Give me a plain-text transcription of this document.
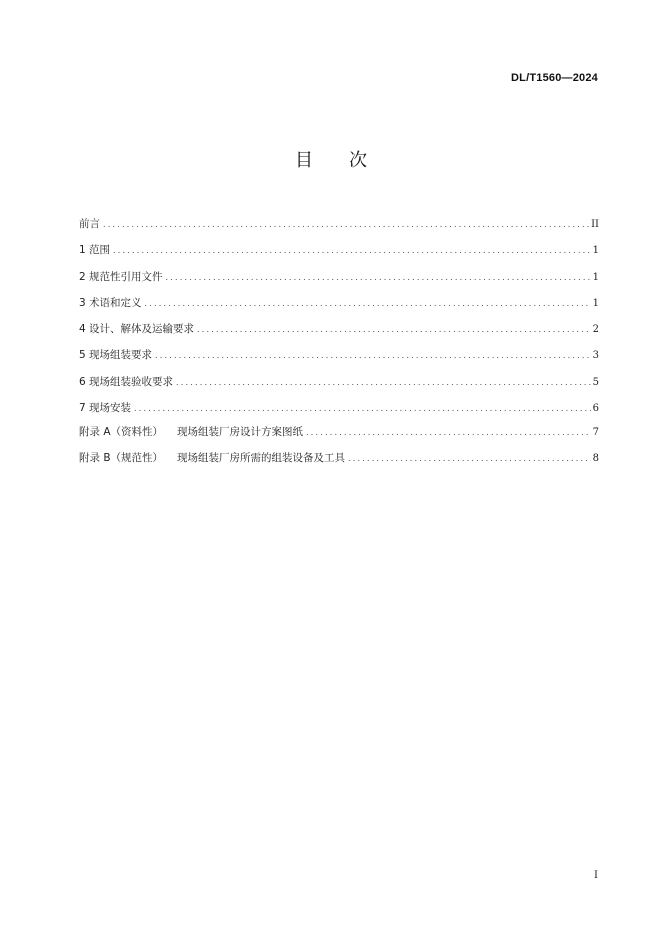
DL/T1560—2024
目 次
前言 .....	II
1 范围 .....	1
2 规范性引用文件 .....	1
3 术语和定义 .....	1
4 设计、解体及运输要求 .....	2
5 现场组装要求 .....	3
6 现场组装验收要求 .....	5
7 现场安装 .....	6
附录 A（资料性） 现场组装厂房设计方案图纸 .....	7
附录 B（规范性） 现场组装厂房所需的组装设备及工具 .....	8
I
